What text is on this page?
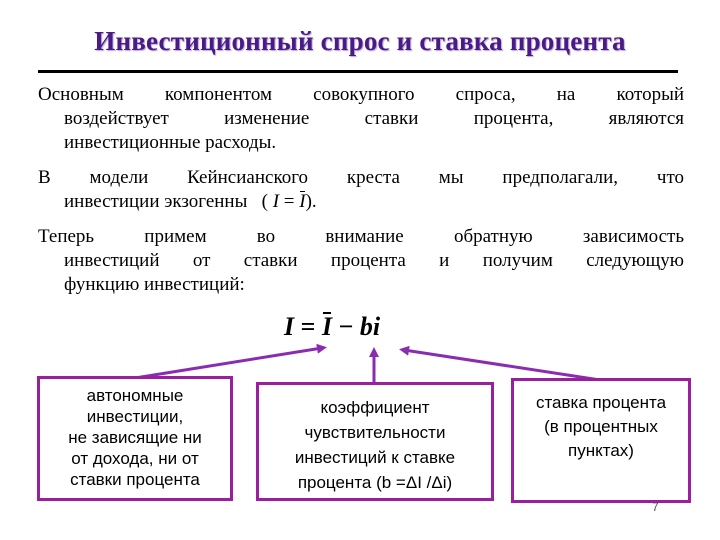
Инвестиционный спрос и ставка процента
Основным компонентом совокупного спроса, на который
воздействует изменение ставки процента, являются
инвестиционные расходы.
В модели Кейнсианского креста мы предполагали, что
инвестиции экзогенны ( I = I).
Теперь примем во внимание обратную зависимость
инвестиций от ставки процента и получим следующую
функцию инвестиций:
I = I − bi
автономные
инвестиции,
не зависящие ни
от дохода, ни от
ставки процента
коэффициент
чувствительности
инвестиций к ставке
процента (b =ΔI /Δi)
ставка процента
(в процентных
пунктах)
7
